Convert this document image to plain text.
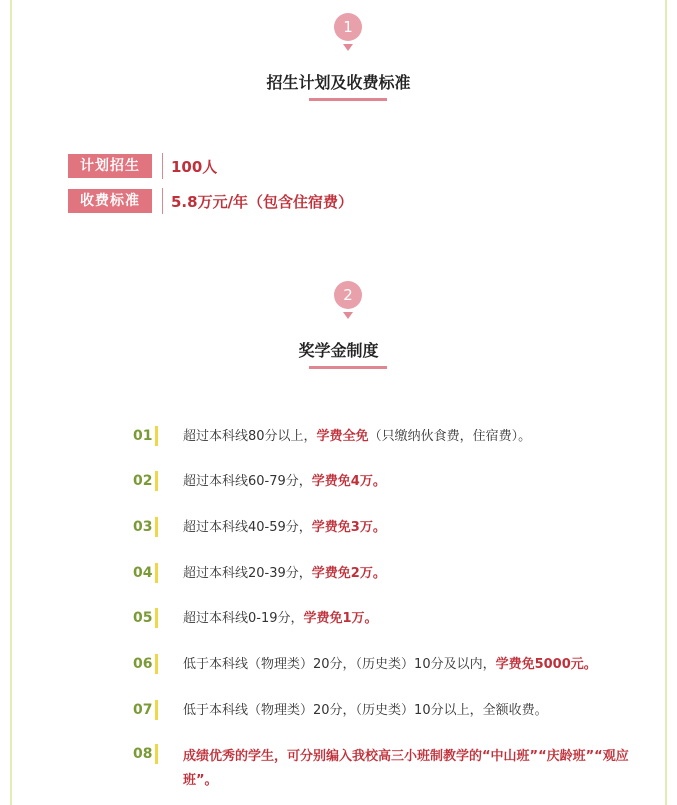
1
招生计划及收费标准
计划招生	100人
收费标准	5.8万元/年（包含住宿费）
2
奖学金制度
01 超过本科线80分以上，学费全免（只缴纳伙食费，住宿费）。
02 超过本科线60-79分，学费免4万。
03 超过本科线40-59分，学费免3万。
04 超过本科线20-39分，学费免2万。
05 超过本科线0-19分，学费免1万。
06 低于本科线（物理类）20分，（历史类）10分及以内，学费免5000元。
07 低于本科线（物理类）20分，（历史类）10分以上，全额收费。
08 成绩优秀的学生，可分别编入我校高三小班制教学的“中山班”“庆龄班”“观应班”。
